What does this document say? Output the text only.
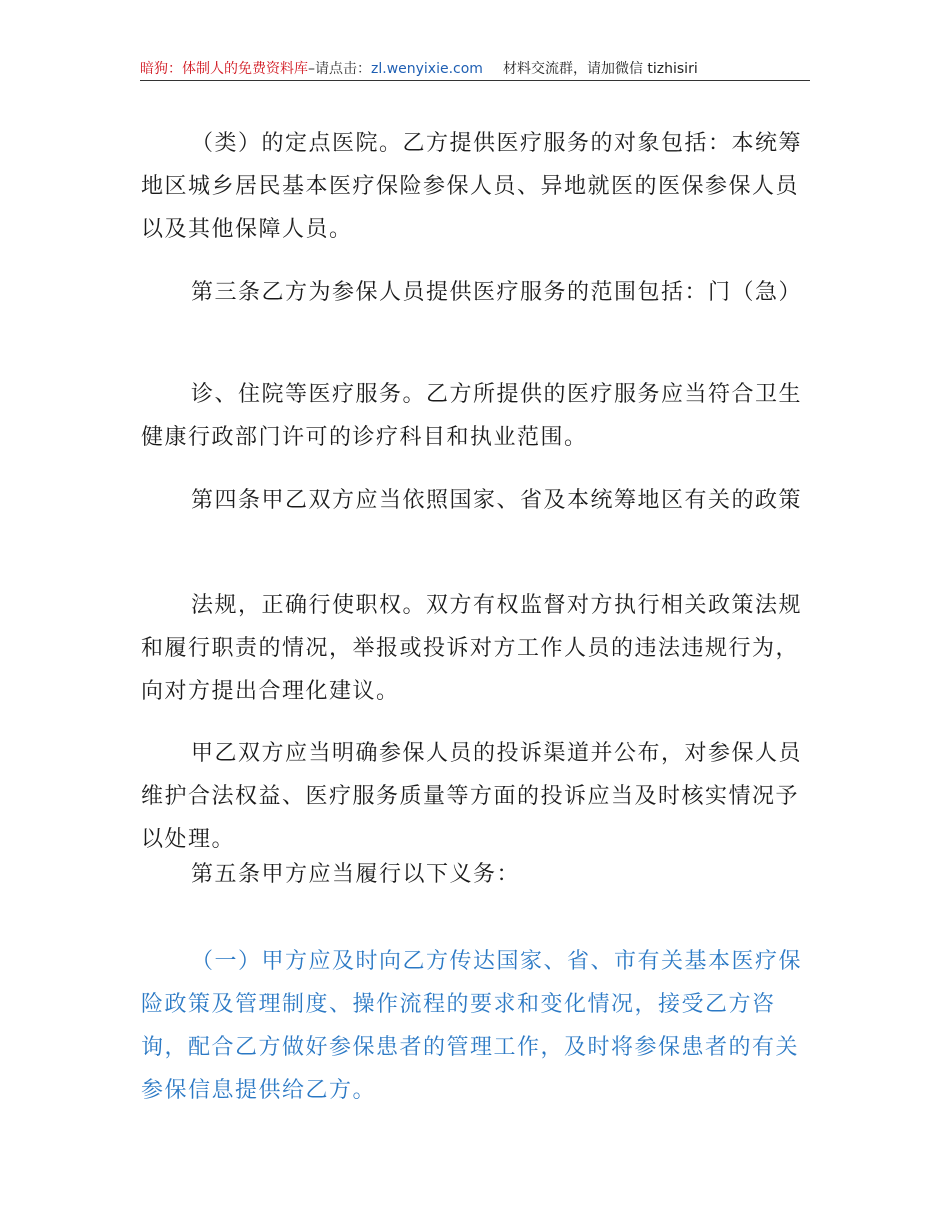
暗狗：体制人的免费资料库–请点击：zl.wenyixie.com 材料交流群，请加微信 tizhisiri

（类）的定点医院。乙方提供医疗服务的对象包括：本统筹地区城乡居民基本医疗保险参保人员、异地就医的医保参保人员以及其他保障人员。

第三条乙方为参保人员提供医疗服务的范围包括：门（急）

诊、住院等医疗服务。乙方所提供的医疗服务应当符合卫生健康行政部门许可的诊疗科目和执业范围。

第四条甲乙双方应当依照国家、省及本统筹地区有关的政策

法规，正确行使职权。双方有权监督对方执行相关政策法规和履行职责的情况，举报或投诉对方工作人员的违法违规行为，向对方提出合理化建议。

甲乙双方应当明确参保人员的投诉渠道并公布，对参保人员维护合法权益、医疗服务质量等方面的投诉应当及时核实情况予以处理。

第五条甲方应当履行以下义务：

（一）甲方应及时向乙方传达国家、省、市有关基本医疗保险政策及管理制度、操作流程的要求和变化情况，接受乙方咨询，配合乙方做好参保患者的管理工作，及时将参保患者的有关参保信息提供给乙方。
